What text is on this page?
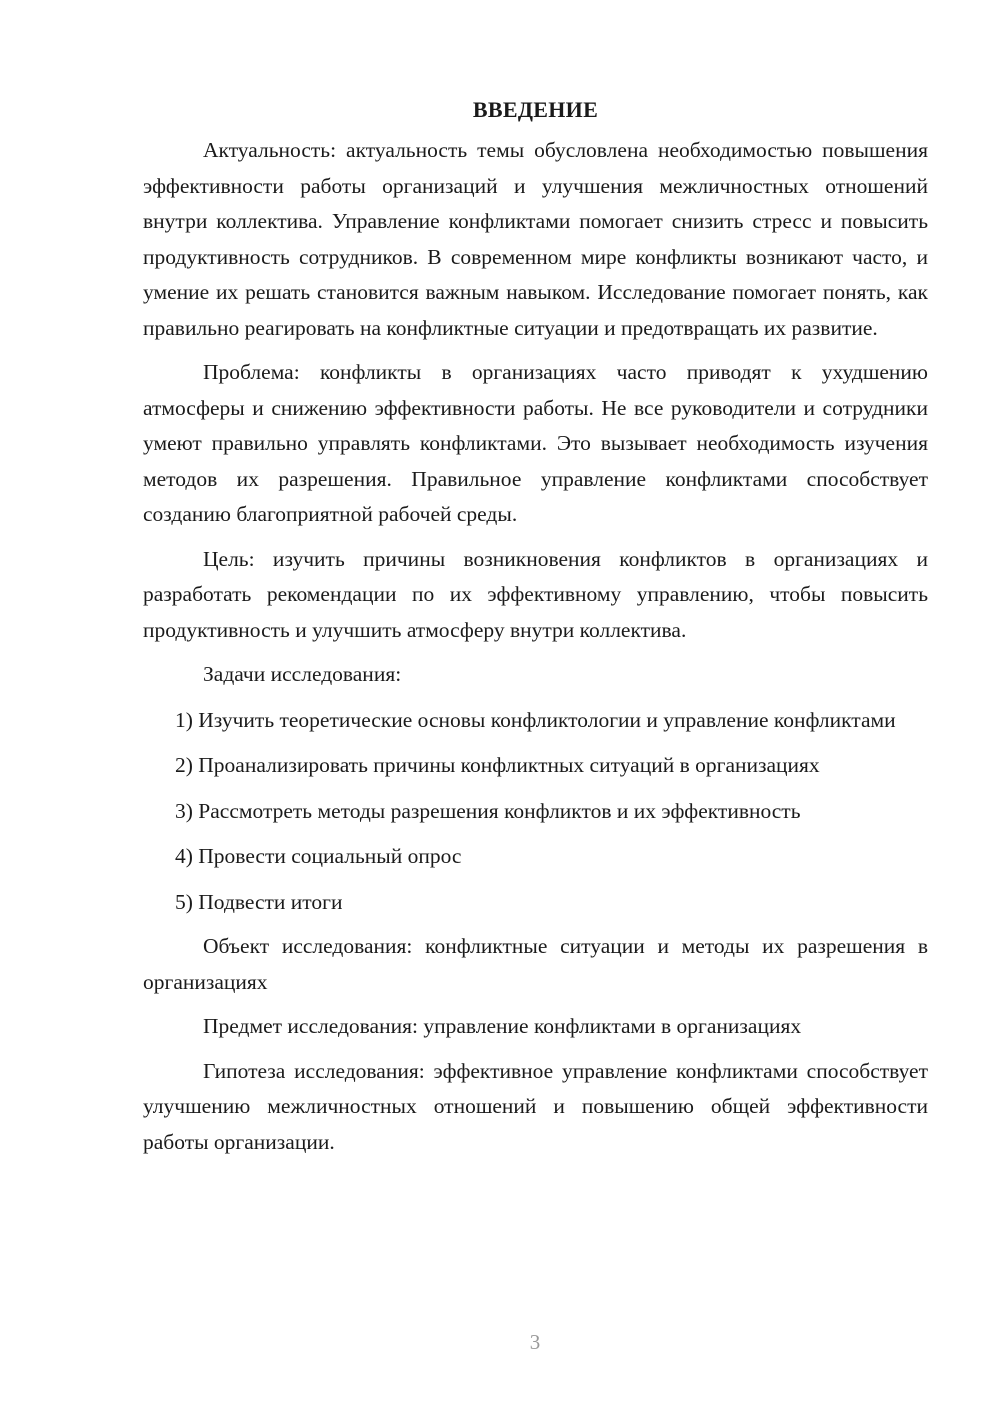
ВВЕДЕНИЕ

Актуальность: актуальность темы обусловлена необходимостью повышения эффективности работы организаций и улучшения межличностных отношений внутри коллектива. Управление конфликтами помогает снизить стресс и повысить продуктивность сотрудников. В современном мире конфликты возникают часто, и умение их решать становится важным навыком. Исследование помогает понять, как правильно реагировать на конфликтные ситуации и предотвращать их развитие.

Проблема: конфликты в организациях часто приводят к ухудшению атмосферы и снижению эффективности работы. Не все руководители и сотрудники умеют правильно управлять конфликтами. Это вызывает необходимость изучения методов их разрешения. Правильное управление конфликтами способствует созданию благоприятной рабочей среды.

Цель: изучить причины возникновения конфликтов в организациях и разработать рекомендации по их эффективному управлению, чтобы повысить продуктивность и улучшить атмосферу внутри коллектива.

Задачи исследования:

1) Изучить теоретические основы конфликтологии и управление конфликтами

2) Проанализировать причины конфликтных ситуаций в организациях

3) Рассмотреть методы разрешения конфликтов и их эффективность

4) Провести социальный опрос

5) Подвести итоги

Объект исследования: конфликтные ситуации и методы их разрешения в организациях

Предмет исследования: управление конфликтами в организациях

Гипотеза исследования: эффективное управление конфликтами способствует улучшению межличностных отношений и повышению общей эффективности работы организации.

3
